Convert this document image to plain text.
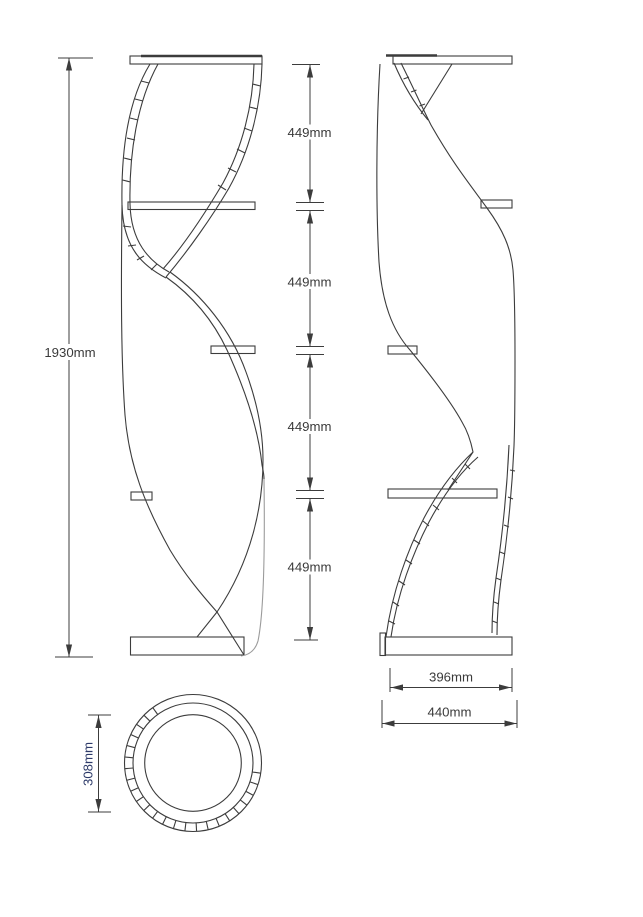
1930mm
449mm
449mm
449mm
449mm
396mm
440mm
308mm
